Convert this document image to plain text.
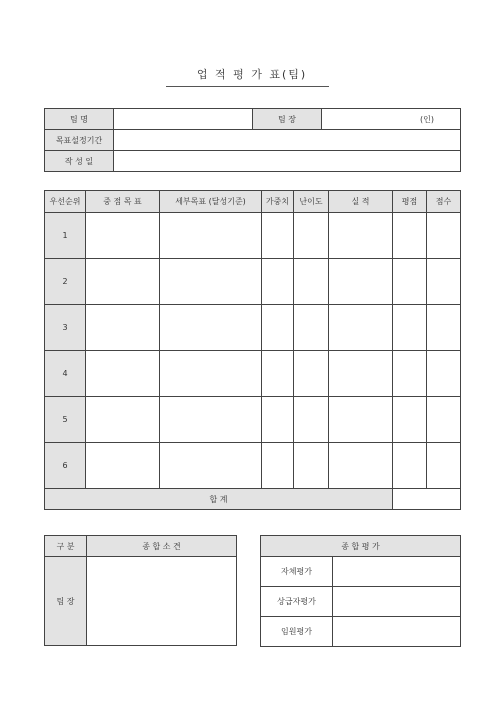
업 적 평 가 표(팀)
팀 명		팀 장	(인)
목표설정기간			
작 성 일			
우선순위	중 점 목 표	세부목표 (달성기준)	가중치	난이도	실 적	평점	점수
1							
2							
3							
4							
5							
6							
합 계							
구 분	종 합 소 견
팀 장	
종 합 평 가	
자체평가	
상급자평가	
임원평가	
